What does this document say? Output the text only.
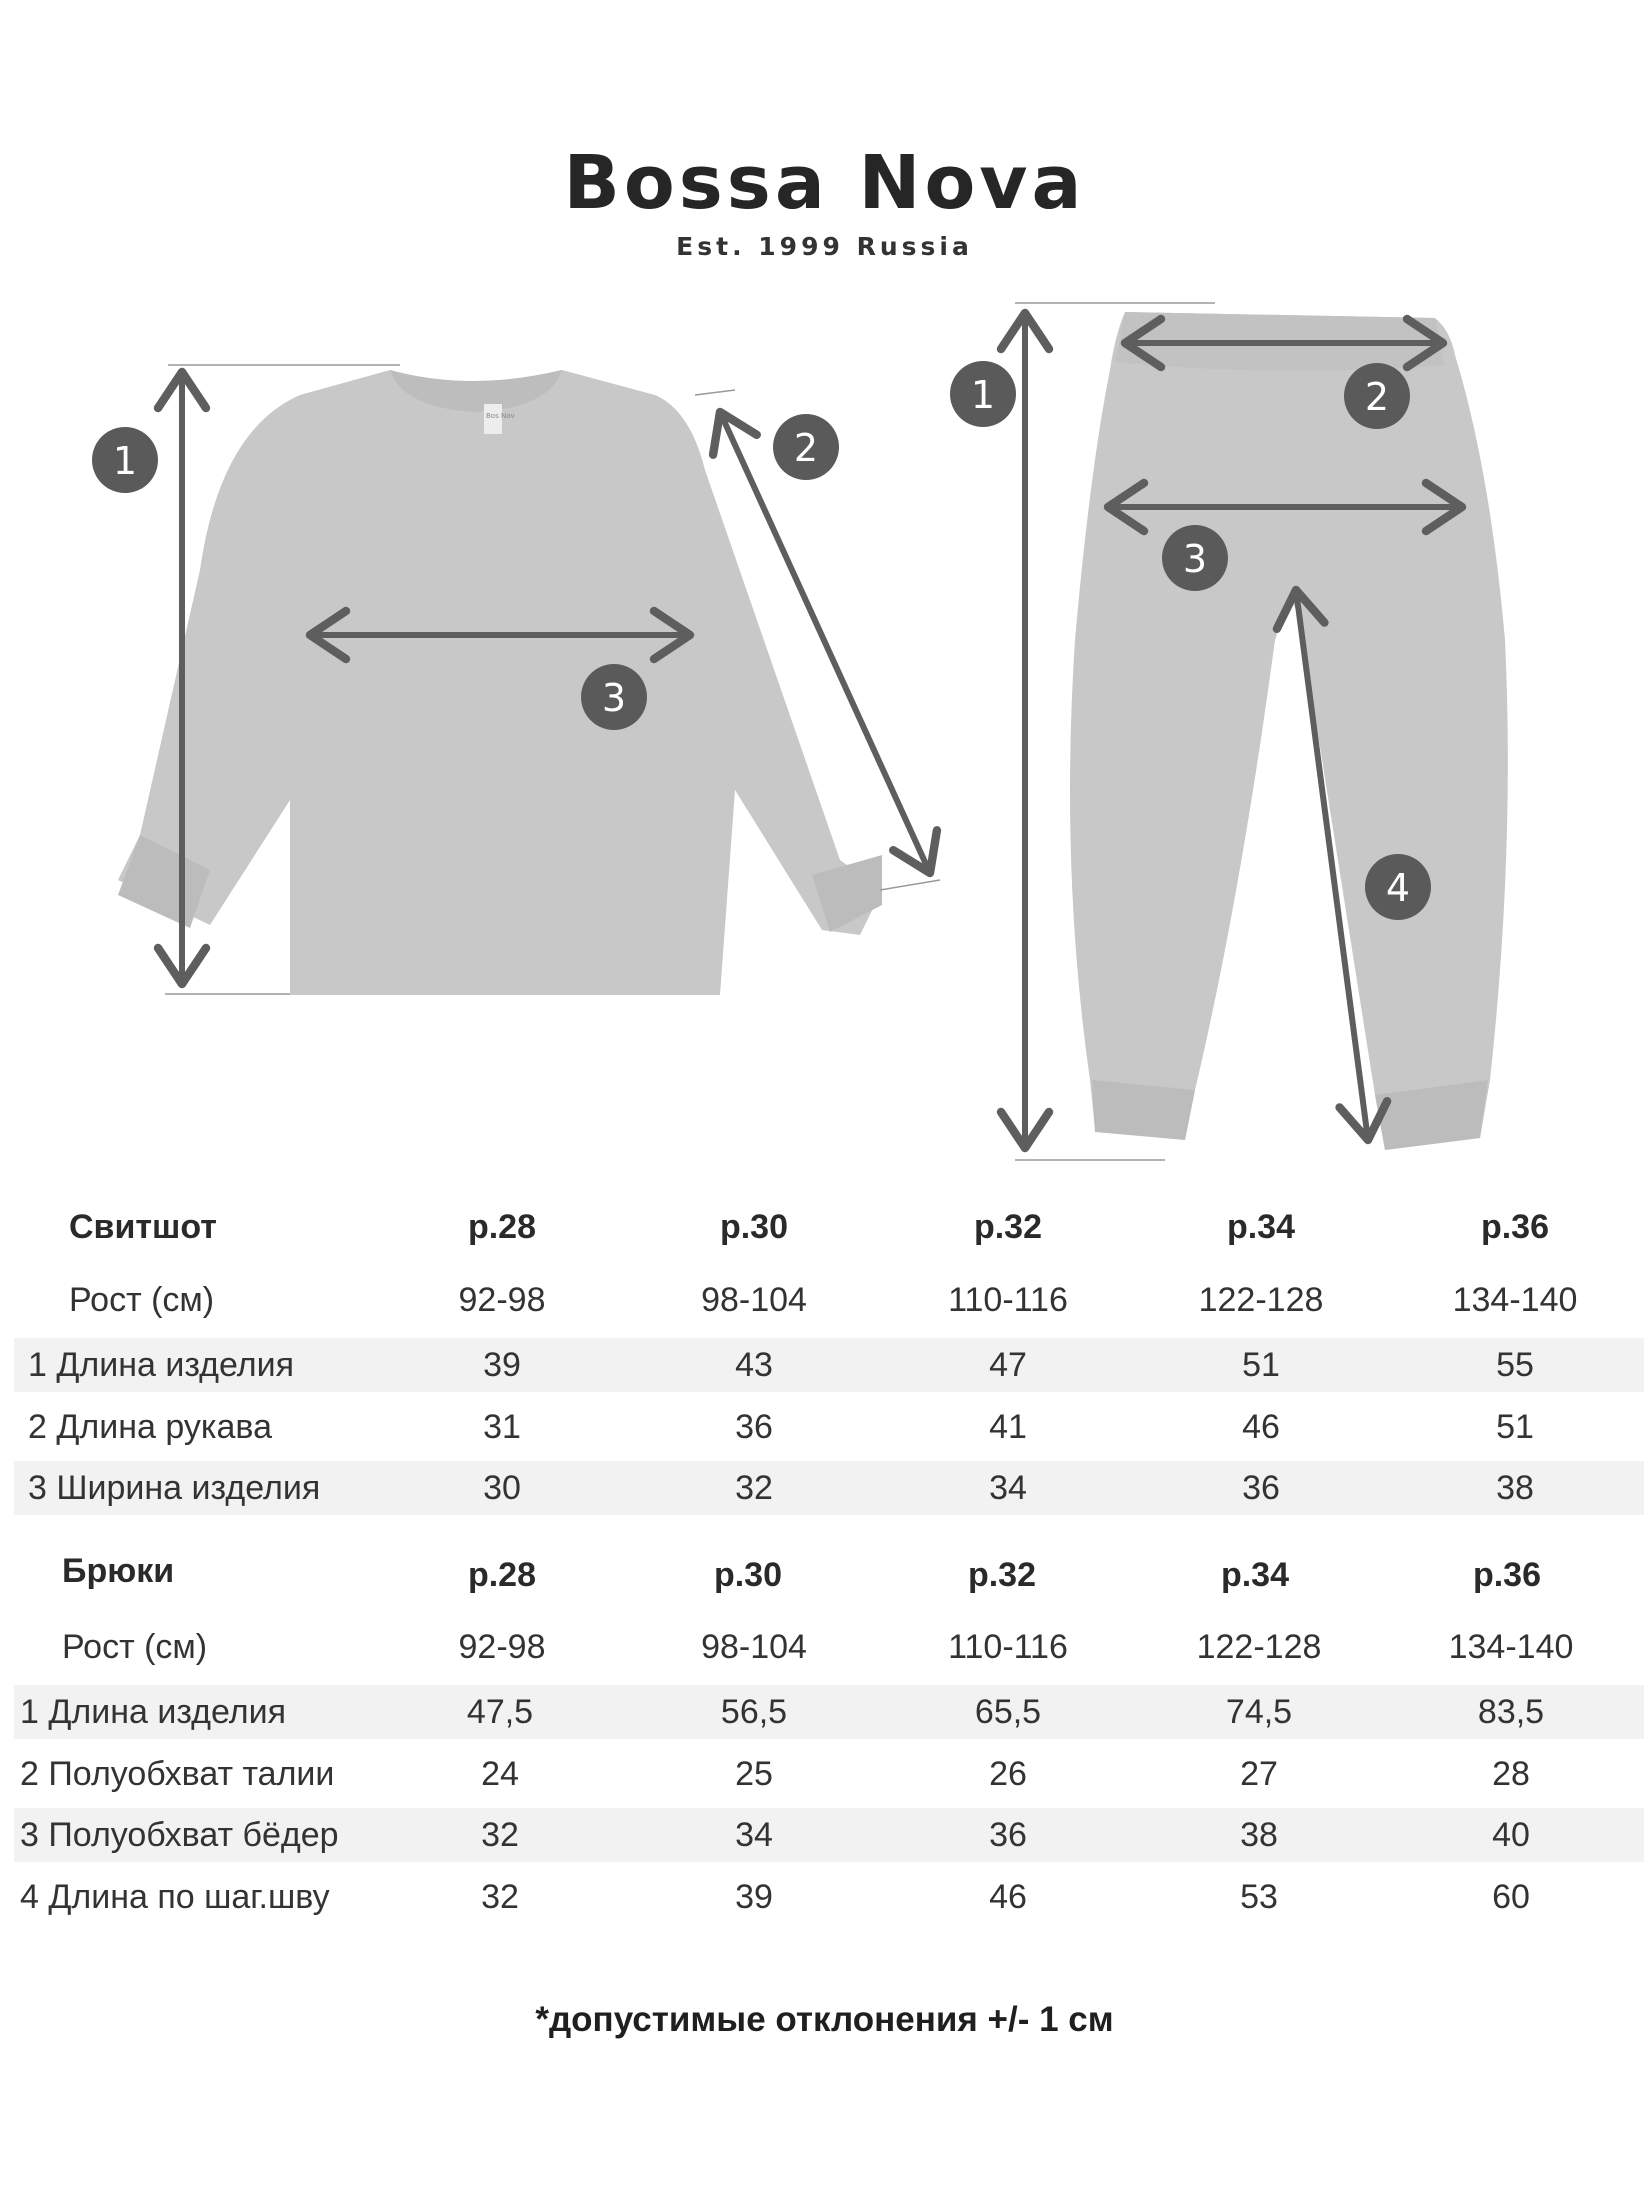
Bossa Nova
Est. 1999 Russia
Bos Nov
1	2
3
1	2
3
4
Свитшот	р.28	р.30	р.32	р.34	р.36
Рост (см)	92-98	98-104	110-116	122-128	134-140
1 Длина изделия	39	43	47	51	55
2 Длина рукава	31	36	41	46	51
3 Ширина изделия	30	32	34	36	38
Брюки	р.28	р.30	р.32	р.34	р.36
Рост (см)	92-98	98-104	110-116	122-128	134-140
1 Длина изделия	47,5	56,5	65,5	74,5	83,5
2 Полуобхват талии	24	25	26	27	28
3 Полуобхват бёдер	32	34	36	38	40
4 Длина по шаг.шву	32	39	46	53	60
*допустимые отклонения +/- 1 см
